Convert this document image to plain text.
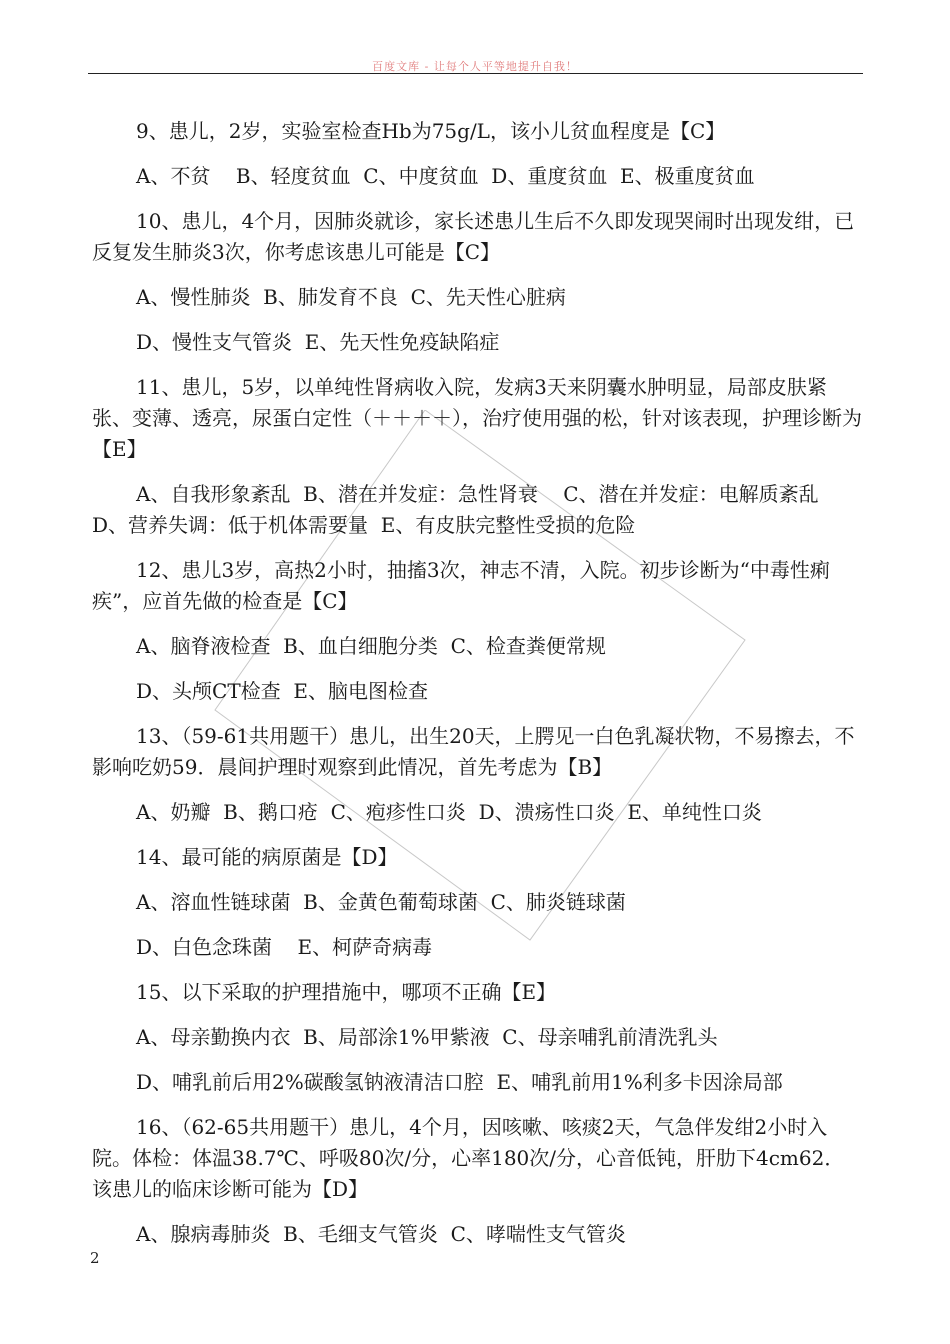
百度文库 - 让每个人平等地提升自我！

9、患儿，2岁，实验室检查Hb为75g/L，该小儿贫血程度是【C】

A、不贫    B、轻度贫血  C、中度贫血  D、重度贫血  E、极重度贫血

10、患儿，4个月，因肺炎就诊，家长述患儿生后不久即发现哭闹时出现发绀，已反复发生肺炎3次，你考虑该患儿可能是【C】

A、慢性肺炎  B、肺发育不良  C、先天性心脏病

D、慢性支气管炎  E、先天性免疫缺陷症

11、患儿，5岁，以单纯性肾病收入院，发病3天来阴囊水肿明显，局部皮肤紧张、变薄、透亮，尿蛋白定性（＋＋＋＋），治疗使用强的松，针对该表现，护理诊断为【E】

A、自我形象紊乱  B、潜在并发症：急性肾衰    C、潜在并发症：电解质紊乱  D、营养失调：低于机体需要量  E、有皮肤完整性受损的危险

12、患儿3岁，高热2小时，抽搐3次，神志不清，入院。初步诊断为“中毒性痢疾”，应首先做的检查是【C】

A、脑脊液检查  B、血白细胞分类  C、检查粪便常规

D、头颅CT检查  E、脑电图检查

13、（59-61共用题干）患儿，出生20天，上腭见一白色乳凝状物，不易擦去，不影响吃奶59．晨间护理时观察到此情况，首先考虑为【B】

A、奶瓣  B、鹅口疮  C、疱疹性口炎  D、溃疡性口炎  E、单纯性口炎

14、最可能的病原菌是【D】

A、溶血性链球菌  B、金黄色葡萄球菌  C、肺炎链球菌

D、白色念珠菌    E、柯萨奇病毒

15、以下采取的护理措施中，哪项不正确【E】

A、母亲勤换内衣  B、局部涂1%甲紫液  C、母亲哺乳前清洗乳头

D、哺乳前后用2%碳酸氢钠液清洁口腔  E、哺乳前用1%利多卡因涂局部

16、（62-65共用题干）患儿，4个月，因咳嗽、咳痰2天，气急伴发绀2小时入院。体检：体温38.7℃、呼吸80次/分，心率180次/分，心音低钝，肝肋下4cm62．该患儿的临床诊断可能为【D】

A、腺病毒肺炎  B、毛细支气管炎  C、哮喘性支气管炎

2
